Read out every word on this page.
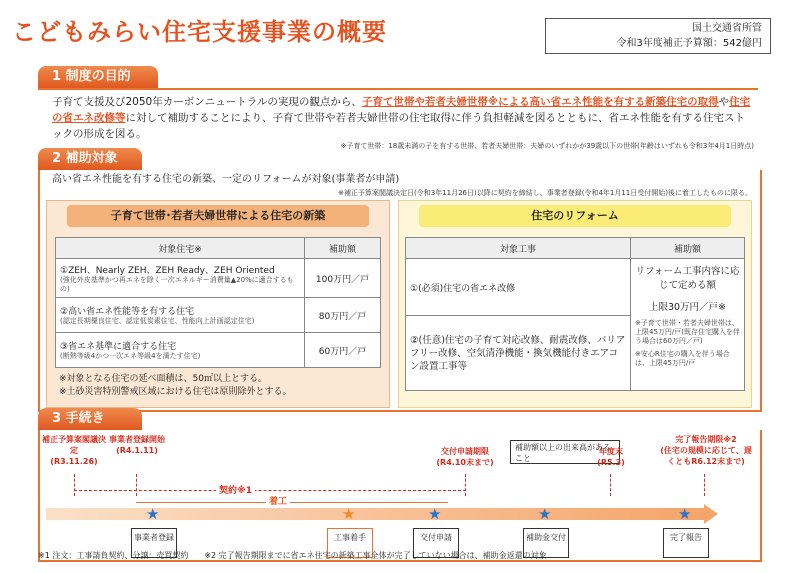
こどもみらい住宅支援事業の概要	国土交通省所管
令和3年度補正予算額：542億円
1 制度の目的
子育て支援及び2050年カーボンニュートラルの実現の観点から、子育て世帯や若者夫婦世帯※による高い省エネ性能を有する新築住宅の取得や住宅の省エネ改修等に対して補助することにより、子育て世帯や若者夫婦世帯の住宅取得に伴う負担軽減を図るとともに、省エネ性能を有する住宅ストックの形成を図る。
※子育て世帯：18歳未満の子を有する世帯、若者夫婦世帯：夫婦のいずれかが39歳以下の世帯(年齢はいずれも令和3年4月1日時点)
2 補助対象
高い省エネ性能を有する住宅の新築、一定のリフォームが対象(事業者が申請)
※補正予算案閣議決定日(令和3年11月26日)以降に契約を締結し、事業者登録(令和4年1月11日受付開始)後に着工したものに限る。
子育て世帯･若者夫婦世帯による住宅の新築
対象住宅※	補助額

①ZEH、Nearly ZEH、ZEH Ready、ZEH Oriented
(強化外皮基準かつ再エネを除く一次エネルギー消費量▲20%に適合するもの)	100万円／戸

②高い省エネ性能等を有する住宅
(認定長期優良住宅、認定低炭素住宅、性能向上計画認定住宅)	80万円／戸

③省エネ基準に適合する住宅
(断熱等級4かつ一次エネ等級4を満たす住宅)	60万円／戸
※対象となる住宅の延べ面積は、50㎡以上とする。
※土砂災害特別警戒区域における住宅は原則除外とする。
住宅のリフォーム
対象工事	補助額
①(必須)住宅の省エネ改修	リフォーム工事内容に応じて定める額
上限30万円／戸※
※子育て世帯・若者夫婦世帯は、上限45万円/戸(既存住宅購入を伴う場合は60万円／戸)
※安心R住宅の購入を伴う場合は、上限45万円/戸

②(任意)住宅の子育て対応改修、耐震改修、バリアフリー改修、空気清浄機能・換気機能付きエアコン設置工事等	
3 手続き
補正予算案閣議決定
(R3.11.26)
事業者登録開始
(R4.1.11)	補助額以上の出来高があること
交付申請期限
(R4.10末まで)
年度末
(R5.3)
完了報告期限※2
(住宅の規模に応じて、遅くともR6.12末まで)
契約※1
着工
★	★	★	★	★
事業者登録	工事着手	交付申請	補助金交付	完了報告
※1 注文：工事請負契約、分譲：売買契約　　※2 完了報告期限までに省エネ住宅の新築工事全体が完了していない場合は、補助金返還の対象
